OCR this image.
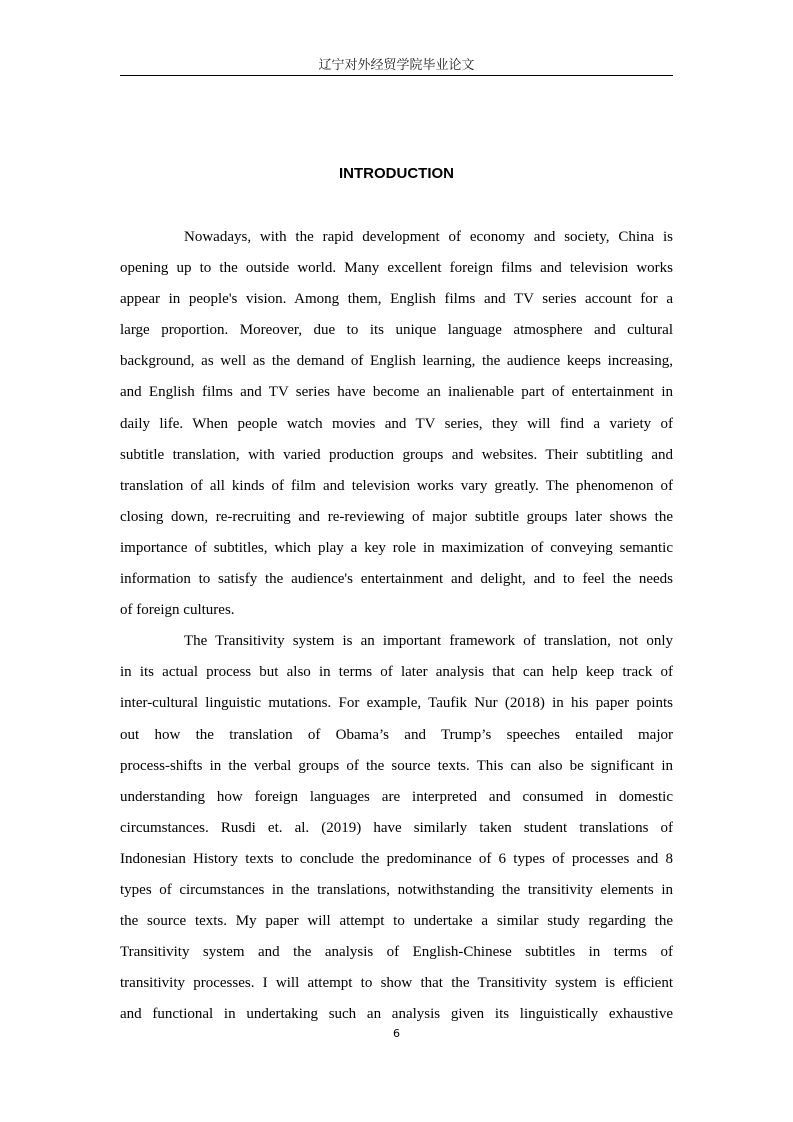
辽宁对外经贸学院毕业论文
INTRODUCTION
Nowadays, with the rapid development of economy and society, China is
opening up to the outside world. Many excellent foreign films and television works
appear in people's vision. Among them, English films and TV series account for a
large proportion. Moreover, due to its unique language atmosphere and cultural
background, as well as the demand of English learning, the audience keeps increasing,
and English films and TV series have become an inalienable part of entertainment in
daily life. When people watch movies and TV series, they will find a variety of
subtitle translation, with varied production groups and websites. Their subtitling and
translation of all kinds of film and television works vary greatly. The phenomenon of
closing down, re-recruiting and re-reviewing of major subtitle groups later shows the
importance of subtitles, which play a key role in maximization of conveying semantic
information to satisfy the audience's entertainment and delight, and to feel the needs
of foreign cultures.
The Transitivity system is an important framework of translation, not only
in its actual process but also in terms of later analysis that can help keep track of
inter-cultural linguistic mutations. For example, Taufik Nur (2018) in his paper points
out how the translation of Obama’s and Trump’s speeches entailed major
process-shifts in the verbal groups of the source texts. This can also be significant in
understanding how foreign languages are interpreted and consumed in domestic
circumstances. Rusdi et. al. (2019) have similarly taken student translations of
Indonesian History texts to conclude the predominance of 6 types of processes and 8
types of circumstances in the translations, notwithstanding the transitivity elements in
the source texts. My paper will attempt to undertake a similar study regarding the
Transitivity system and the analysis of English-Chinese subtitles in terms of
transitivity processes. I will attempt to show that the Transitivity system is efficient
and functional in undertaking such an analysis given its linguistically exhaustive
6
